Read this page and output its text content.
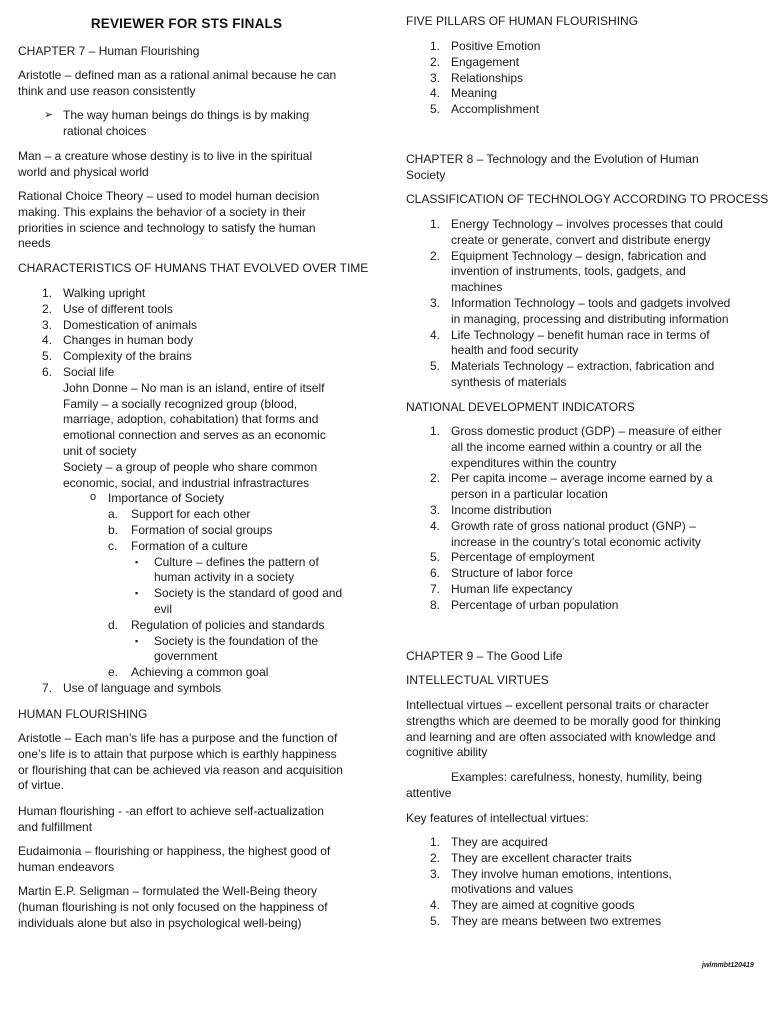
REVIEWER FOR STS FINALS
CHAPTER 7 – Human Flourishing
Aristotle – defined man as a rational animal because he can
think and use reason consistently
➢ The way human beings do things is by making
rational choices
Man – a creature whose destiny is to live in the spiritual
world and physical world
Rational Choice Theory – used to model human decision
making. This explains the behavior of a society in their
priorities in science and technology to satisfy the human
needs
CHARACTERISTICS OF HUMANS THAT EVOLVED OVER TIME
1. Walking upright
2. Use of different tools
3. Domestication of animals
4. Changes in human body
5. Complexity of the brains
6. Social life
John Donne – No man is an island, entire of itself
Family – a socially recognized group (blood,
marriage, adoption, cohabitation) that forms and
emotional connection and serves as an economic
unit of society
Society – a group of people who share common
economic, social, and industrial infrastractures
o Importance of Society
a. Support for each other
b. Formation of social groups
c. Formation of a culture
▪ Culture – defines the pattern of
human activity in a society
▪ Society is the standard of good and
evil
d. Regulation of policies and standards
▪ Society is the foundation of the
government
e. Achieving a common goal
7. Use of language and symbols
HUMAN FLOURISHING
Aristotle – Each man’s life has a purpose and the function of
one’s life is to attain that purpose which is earthly happiness
or flourishing that can be achieved via reason and acquisition
of virtue.
Human flourishing - -an effort to achieve self-actualization
and fulfillment
Eudaimonia – flourishing or happiness, the highest good of
human endeavors
Martin E.P. Seligman – formulated the Well-Being theory
(human flourishing is not only focused on the happiness of
individuals alone but also in psychological well-being)
FIVE PILLARS OF HUMAN FLOURISHING
1. Positive Emotion
2. Engagement
3. Relationships
4. Meaning
5. Accomplishment
CHAPTER 8 – Technology and the Evolution of Human
Society
CLASSIFICATION OF TECHNOLOGY ACCORDING TO PROCESS
1. Energy Technology – involves processes that could
create or generate, convert and distribute energy
2. Equipment Technology – design, fabrication and
invention of instruments, tools, gadgets, and
machines
3. Information Technology – tools and gadgets involved
in managing, processing and distributing information
4. Life Technology – benefit human race in terms of
health and food security
5. Materials Technology – extraction, fabrication and
synthesis of materials
NATIONAL DEVELOPMENT INDICATORS
1. Gross domestic product (GDP) – measure of either
all the income earned within a country or all the
expenditures within the country
2. Per capita income – average income earned by a
person in a particular location
3. Income distribution
4. Growth rate of gross national product (GNP) –
increase in the country’s total economic activity
5. Percentage of employment
6. Structure of labor force
7. Human life expectancy
8. Percentage of urban population
CHAPTER 9 – The Good Life
INTELLECTUAL VIRTUES
Intellectual virtues – excellent personal traits or character
strengths which are deemed to be morally good for thinking
and learning and are often associated with knowledge and
cognitive ability
Examples: carefulness, honesty, humility, being
attentive
Key features of intellectual virtues:
1. They are acquired
2. They are excellent character traits
3. They involve human emotions, intentions,
motivations and values
4. They are aimed at cognitive goods
5. They are means between two extremes
jwlmmbt120419
